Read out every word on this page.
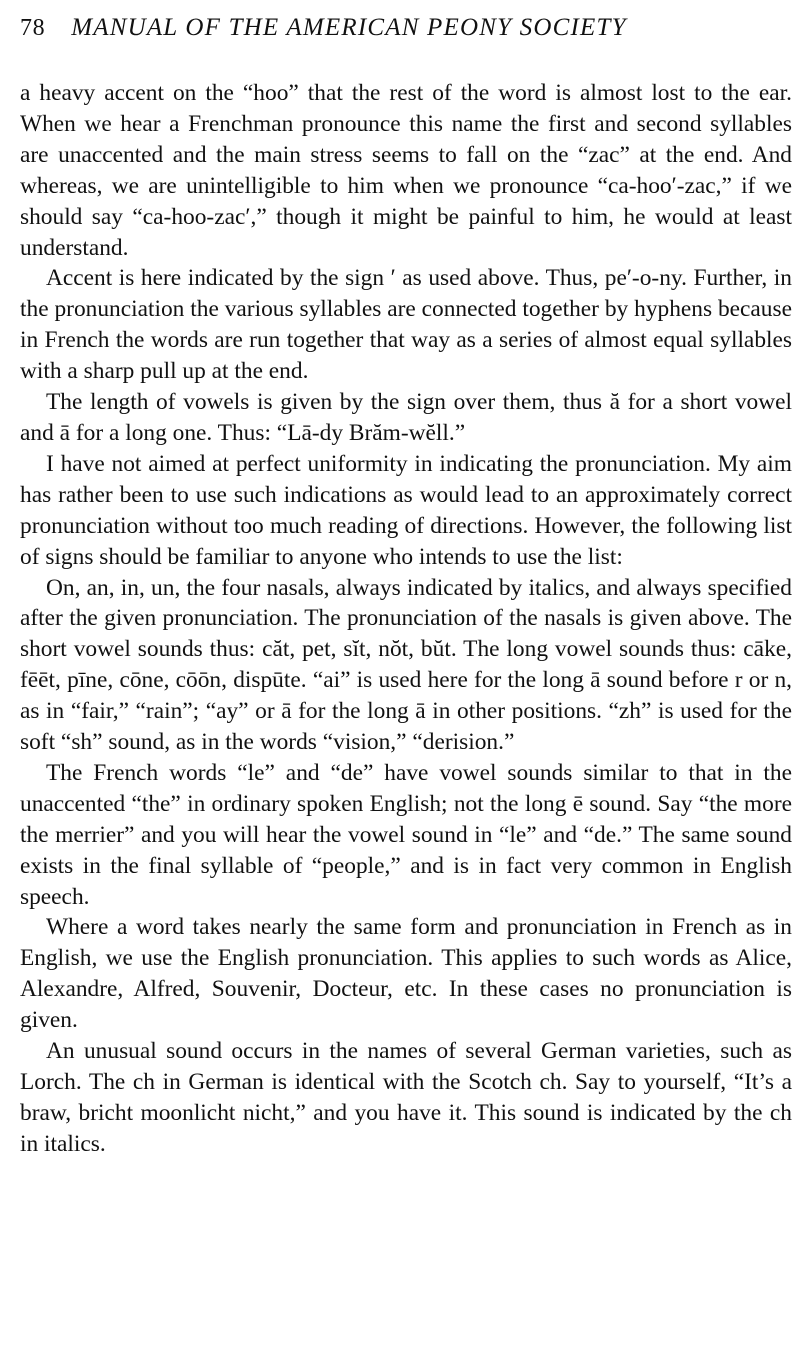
78 MANUAL OF THE AMERICAN PEONY SOCIETY

a heavy accent on the “hoo” that the rest of the word is almost lost to the ear. When we hear a Frenchman pronounce this name the first and second syllables are unaccented and the main stress seems to fall on the “zac” at the end. And whereas, we are unintelligible to him when we pronounce “ca-hoo′-zac,” if we should say “ca-hoo-zac′,” though it might be painful to him, he would at least understand.

Accent is here indicated by the sign ′ as used above. Thus, pe′-o-ny. Further, in the pronunciation the various syllables are connected together by hyphens because in French the words are run together that way as a series of almost equal syllables with a sharp pull up at the end.

The length of vowels is given by the sign over them, thus ă for a short vowel and ā for a long one. Thus: “Lā-dy Brăm-wĕll.”

I have not aimed at perfect uniformity in indicating the pronunciation. My aim has rather been to use such indications as would lead to an approximately correct pronunciation without too much reading of directions. However, the following list of signs should be familiar to anyone who intends to use the list:

On, an, in, un, the four nasals, always indicated by italics, and always specified after the given pronunciation. The pronunciation of the nasals is given above. The short vowel sounds thus: căt, pet, sĭt, nŏt, bŭt. The long vowel sounds thus: cāke, fēēt, pīne, cōne, cōōn, dispūte. “ai” is used here for the long ā sound before r or n, as in “fair,” “rain”; “ay” or ā for the long ā in other positions. “zh” is used for the soft “sh” sound, as in the words “vision,” “derision.”

The French words “le” and “de” have vowel sounds similar to that in the unaccented “the” in ordinary spoken English; not the long ē sound. Say “the more the merrier” and you will hear the vowel sound in “le” and “de.” The same sound exists in the final syllable of “people,” and is in fact very common in English speech.

Where a word takes nearly the same form and pronunciation in French as in English, we use the English pronunciation. This applies to such words as Alice, Alexandre, Alfred, Souvenir, Docteur, etc. In these cases no pronunciation is given.

An unusual sound occurs in the names of several German varieties, such as Lorch. The ch in German is identical with the Scotch ch. Say to yourself, “It’s a braw, bricht moonlicht nicht,” and you have it. This sound is indicated by the ch in italics.
